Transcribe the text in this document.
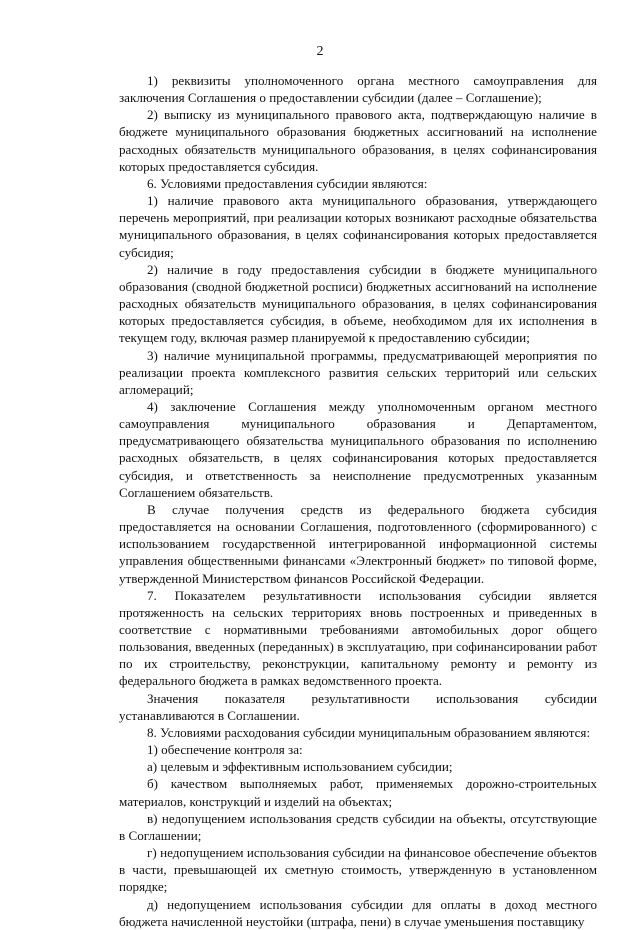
2

1) реквизиты уполномоченного органа местного самоуправления для заключения Соглашения о предоставлении субсидии (далее – Соглашение);

2) выписку из муниципального правового акта, подтверждающую наличие в бюджете муниципального образования бюджетных ассигнований на исполнение расходных обязательств муниципального образования, в целях софинансирования которых предоставляется субсидия.

6. Условиями предоставления субсидии являются:

1) наличие правового акта муниципального образования, утверждающего перечень мероприятий, при реализации которых возникают расходные обязательства муниципального образования, в целях софинансирования которых предоставляется субсидия;

2) наличие в году предоставления субсидии в бюджете муниципального образования (сводной бюджетной росписи) бюджетных ассигнований на исполнение расходных обязательств муниципального образования, в целях софинансирования которых предоставляется субсидия, в объеме, необходимом для их исполнения в текущем году, включая размер планируемой к предоставлению субсидии;

3) наличие муниципальной программы, предусматривающей мероприятия по реализации проекта комплексного развития сельских территорий или сельских агломераций;

4) заключение Соглашения между уполномоченным органом местного самоуправления муниципального образования и Департаментом, предусматривающего обязательства муниципального образования по исполнению расходных обязательств, в целях софинансирования которых предоставляется субсидия, и ответственность за неисполнение предусмотренных указанным Соглашением обязательств.

В случае получения средств из федерального бюджета субсидия предоставляется на основании Соглашения, подготовленного (сформированного) с использованием государственной интегрированной информационной системы управления общественными финансами «Электронный бюджет» по типовой форме, утвержденной Министерством финансов Российской Федерации.

7. Показателем результативности использования субсидии является протяженность на сельских территориях вновь построенных и приведенных в соответствие с нормативными требованиями автомобильных дорог общего пользования, введенных (переданных) в эксплуатацию, при софинансировании работ по их строительству, реконструкции, капитальному ремонту и ремонту из федерального бюджета в рамках ведомственного проекта.

Значения показателя результативности использования субсидии устанавливаются в Соглашении.

8. Условиями расходования субсидии муниципальным образованием являются:

1) обеспечение контроля за:

а) целевым и эффективным использованием субсидии;

б) качеством выполняемых работ, применяемых дорожно-строительных материалов, конструкций и изделий на объектах;

в) недопущением использования средств субсидии на объекты, отсутствующие в Соглашении;

г) недопущением использования субсидии на финансовое обеспечение объектов в части, превышающей их сметную стоимость, утвержденную в установленном порядке;

д) недопущением использования субсидии для оплаты в доход местного бюджета начисленной неустойки (штрафа, пени) в случае уменьшения поставщику
